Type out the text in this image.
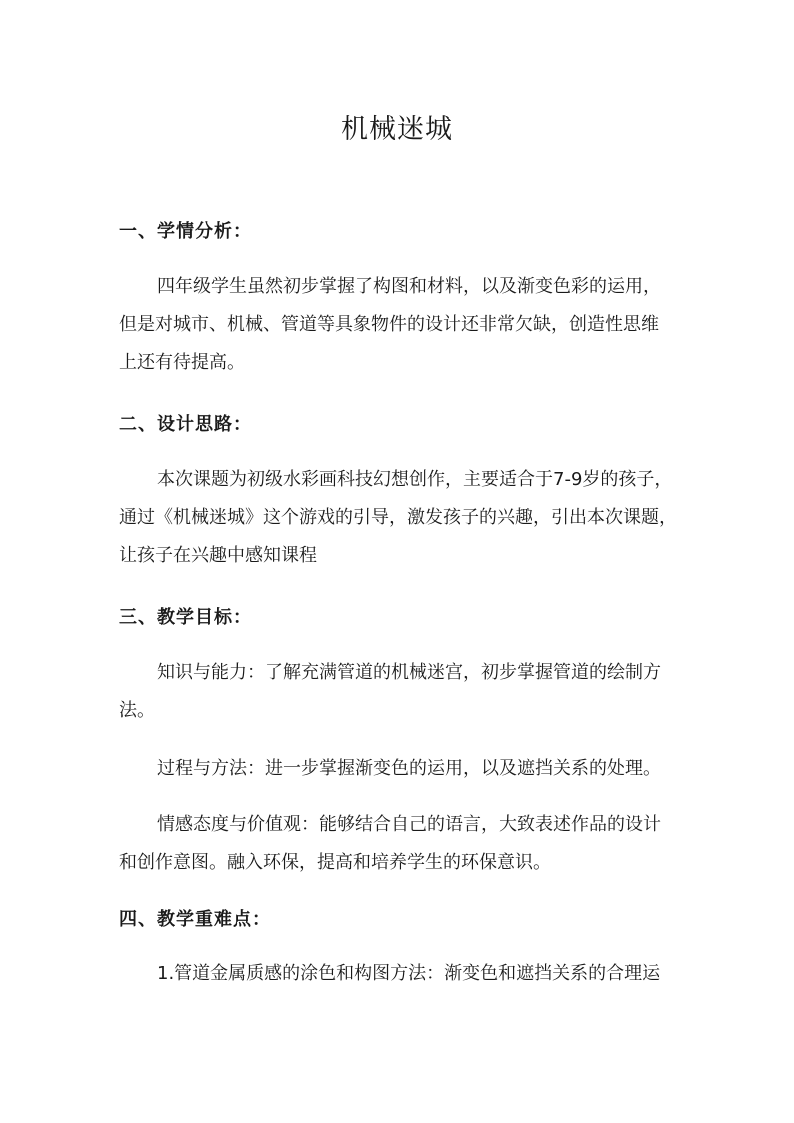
机械迷城
一、学情分析：
四年级学生虽然初步掌握了构图和材料，以及渐变色彩的运用，
但是对城市、机械、管道等具象物件的设计还非常欠缺，创造性思维
上还有待提高。
二、设计思路：
本次课题为初级水彩画科技幻想创作，主要适合于7-9岁的孩子，
通过《机械迷城》这个游戏的引导，激发孩子的兴趣，引出本次课题，
让孩子在兴趣中感知课程
三、教学目标：
知识与能力：了解充满管道的机械迷宫，初步掌握管道的绘制方
法。
过程与方法：进一步掌握渐变色的运用，以及遮挡关系的处理。
情感态度与价值观：能够结合自己的语言，大致表述作品的设计
和创作意图。融入环保，提高和培养学生的环保意识。
四、教学重难点：
1.管道金属质感的涂色和构图方法：渐变色和遮挡关系的合理运
